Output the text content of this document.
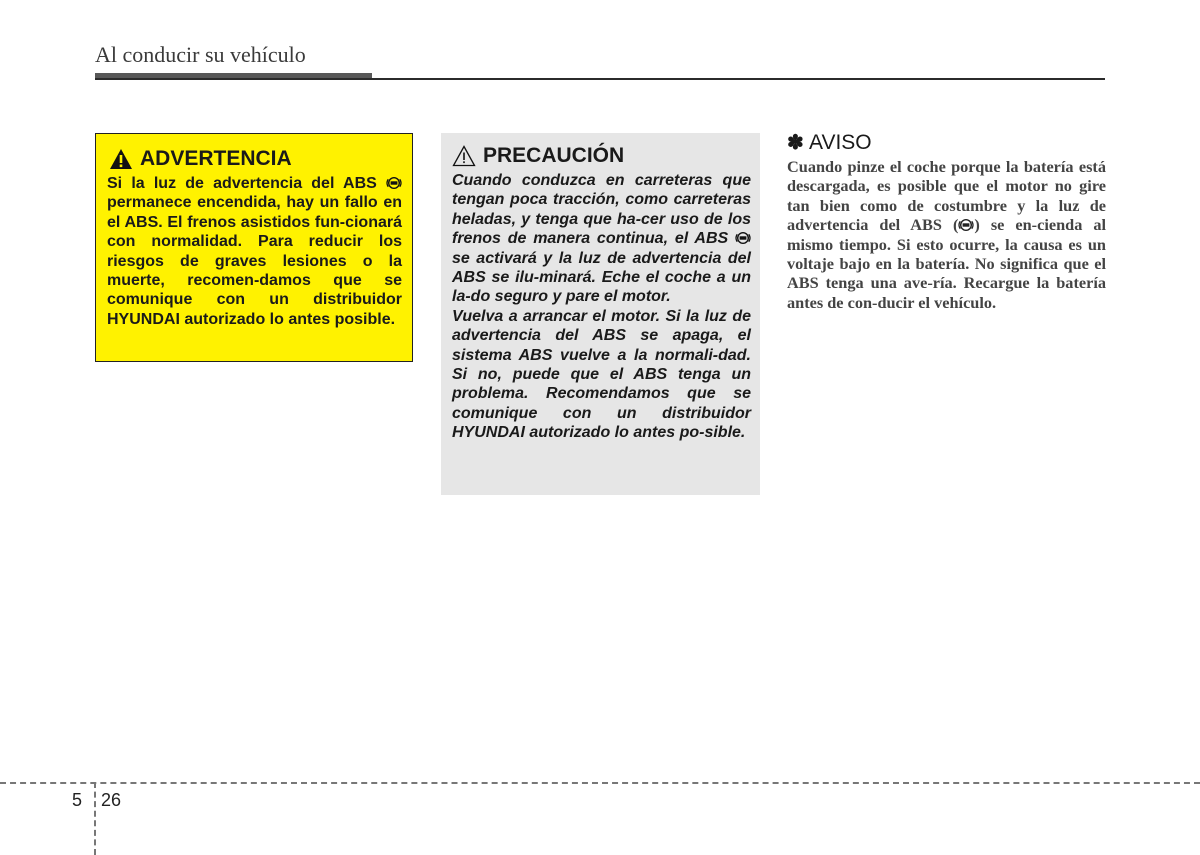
Al conducir su vehículo
ADVERTENCIA

Si la luz de advertencia del ABS  permanece encendida, hay un fallo en el ABS. El frenos asistidos fun-cionará con normalidad. Para reducir los riesgos de graves lesiones o la muerte, recomen-damos que se comunique con un distribuidor HYUNDAI autorizado lo antes posible.

PRECAUCIÓN

Cuando conduzca en carreteras que tengan poca tracción, como carreteras heladas, y tenga que ha-cer uso de los frenos de manera continua, el ABS  se activará y la luz de advertencia del ABS se ilu-minará. Eche el coche a un la-do seguro y pare el motor.

Vuelva a arrancar el motor. Si la luz de advertencia del ABS se apaga, el sistema ABS vuelve a la normali-dad. Si no, puede que el ABS tenga un problema. Recomendamos que se comunique con un distribuidor HYUNDAI autorizado lo antes po-sible.

✽ AVISO

Cuando pinze el coche porque la batería está descargada, es posible que el motor no gire tan bien como de costumbre y la luz de advertencia del ABS ( ) se en-cienda al mismo tiempo. Si esto ocurre, la causa es un voltaje bajo en la batería. No significa que el ABS tenga una ave-ría. Recargue la batería antes de con-ducir el vehículo.

5 26
